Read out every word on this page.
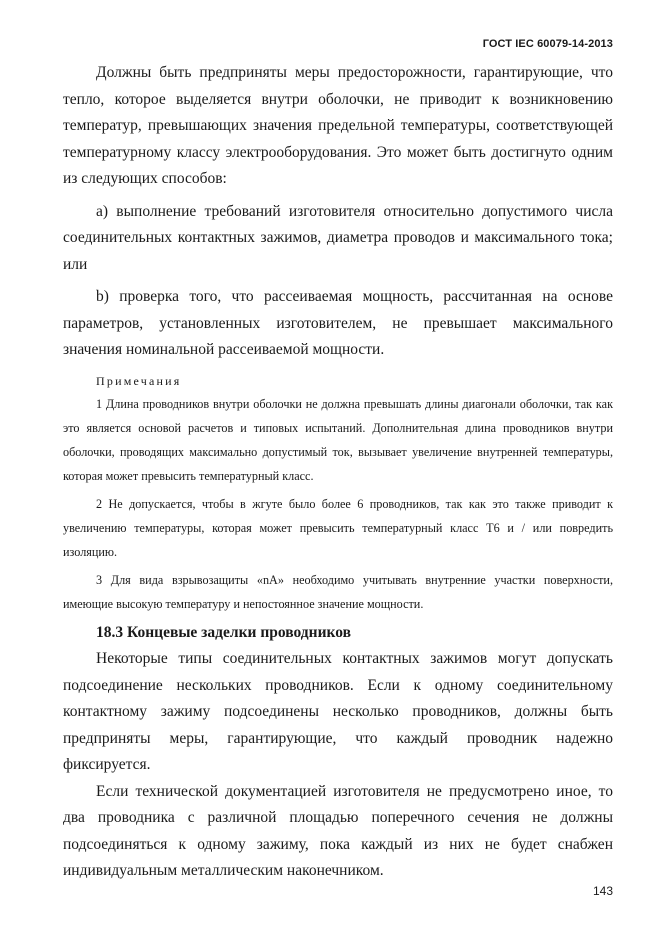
ГОСТ IEC 60079-14-2013

Должны быть предприняты меры предосторожности, гарантирующие, что тепло, которое выделяется внутри оболочки, не приводит к возникновению температур, превышающих значения предельной температуры, соответствующей температурному классу электрооборудования. Это может быть достигнуто одним из следующих способов:

a) выполнение требований изготовителя относительно допустимого числа соединительных контактных зажимов, диаметра проводов и максимального тока; или

b) проверка того, что рассеиваемая мощность, рассчитанная на основе параметров, установленных изготовителем, не превышает максимального значения номинальной рассеиваемой мощности.

Примечания

1 Длина проводников внутри оболочки не должна превышать длины диагонали оболочки, так как это является основой расчетов и типовых испытаний. Дополнительная длина проводников внутри оболочки, проводящих максимально допустимый ток, вызывает увеличение внутренней температуры, которая может превысить температурный класс.

2 Не допускается, чтобы в жгуте было более 6 проводников, так как это также приводит к увеличению температуры, которая может превысить температурный класс Т6 и / или повредить изоляцию.

3 Для вида взрывозащиты «nA» необходимо учитывать внутренние участки поверхности, имеющие высокую температуру и непостоянное значение мощности.

18.3 Концевые заделки проводников

Некоторые типы соединительных контактных зажимов могут допускать подсоединение нескольких проводников. Если к одному соединительному контактному зажиму подсоединены несколько проводников, должны быть предприняты меры, гарантирующие, что каждый проводник надежно фиксируется.

Если технической документацией изготовителя не предусмотрено иное, то два проводника с различной площадью поперечного сечения не должны подсоединяться к одному зажиму, пока каждый из них не будет снабжен индивидуальным металлическим наконечником.

143
